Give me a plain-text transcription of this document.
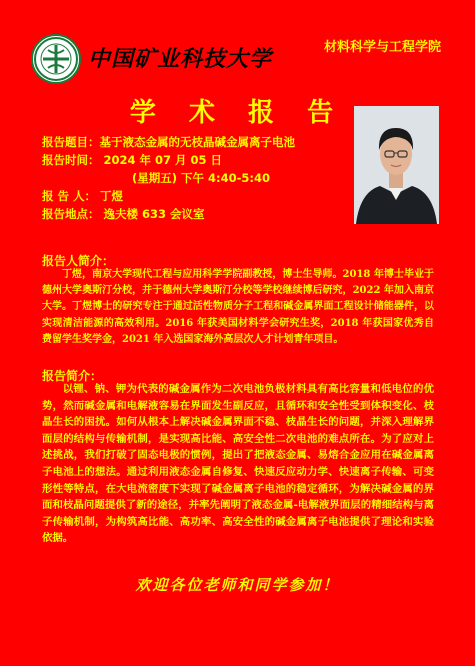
中国矿业科技大学	材料科学与工程学院
学 术 报 告
报告题目：基于液态金属的无枝晶碱金属离子电池
报告时间： 2024 年 07 月 05 日
(星期五) 下午 4:40-5:40
报 告 人： 丁煜
报告地点： 逸夫楼 633 会议室
报告人简介：

丁煜，南京大学现代工程与应用科学学院副教授，博士生导师。2018 年博士毕业于德州大学奥斯汀分校，并于德州大学奥斯汀分校等学校继续博后研究，2022 年加入南京大学。丁煜博士的研究专注于通过活性物质分子工程和碱金属界面工程设计储能器件，以实现清洁能源的高效利用。2016 年获美国材料学会研究生奖，2018 年获国家优秀自费留学生奖学金，2021 年入选国家海外高层次人才计划青年项目。

报告简介：

以锂、钠、钾为代表的碱金属作为二次电池负极材料具有高比容量和低电位的优势，然而碱金属和电解液容易在界面发生副反应，且循环和安全性受到体积变化、枝晶生长的困扰。如何从根本上解决碱金属界面不稳、枝晶生长的问题，并深入理解界面层的结构与传输机制，是实现高比能、高安全性二次电池的难点所在。为了应对上述挑战，我们打破了固态电极的惯例，提出了把液态金属、易熔合金应用在碱金属离子电池上的想法。通过利用液态金属自修复、快速反应动力学、快速离子传输、可变形性等特点，在大电流密度下实现了碱金属离子电池的稳定循环，为解决碱金属的界面和枝晶问题提供了新的途径，并率先阐明了液态金属-电解液界面层的精细结构与离子传输机制，为构筑高比能、高功率、高安全性的碱金属离子电池提供了理论和实验依据。

欢迎各位老师和同学参加！
